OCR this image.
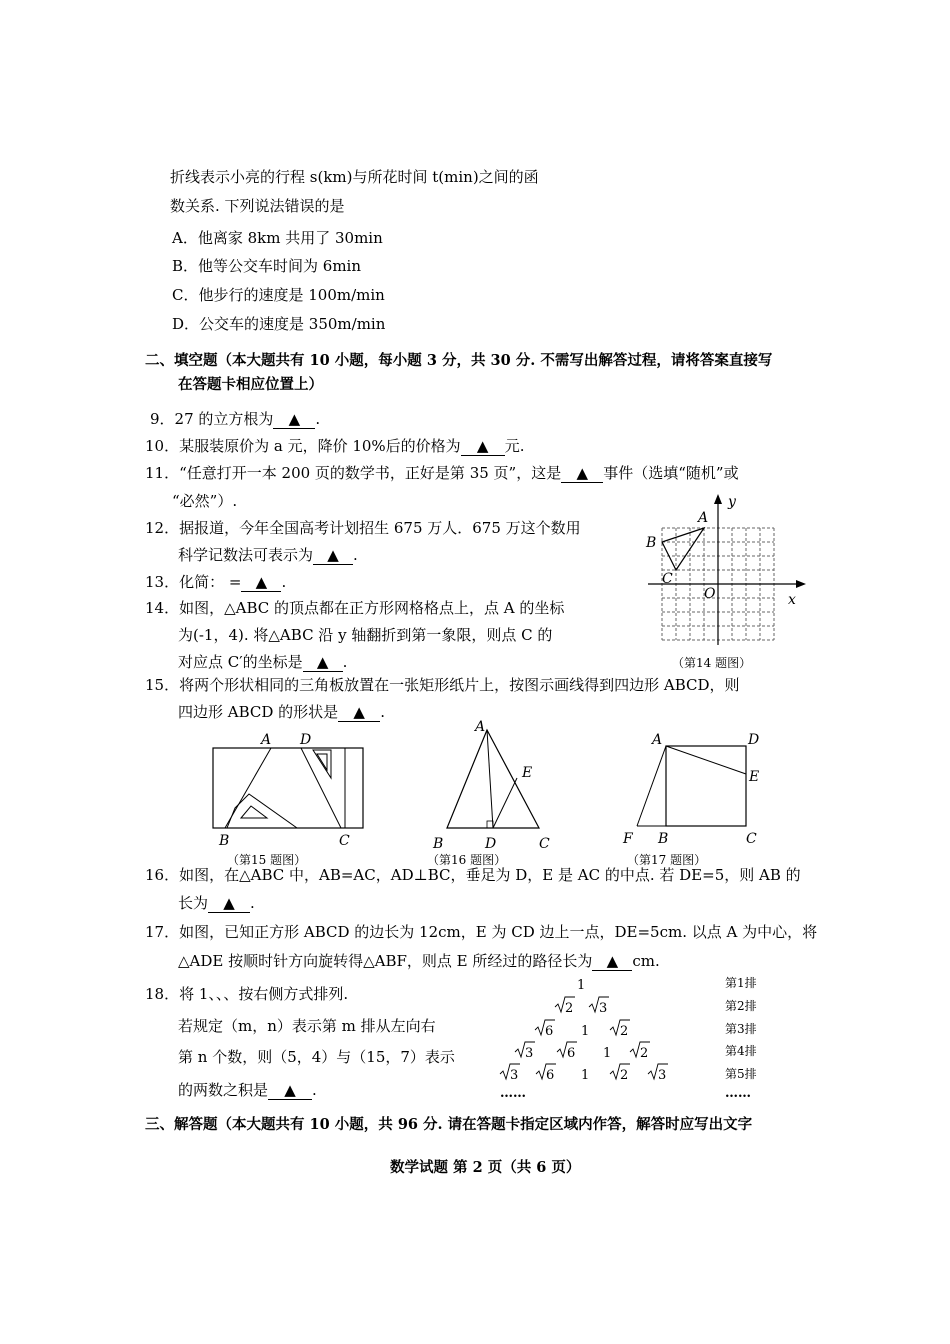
折线表示小亮的行程 s(km)与所花时间 t(min)之间的函
数关系. 下列说法错误的是
A．他离家 8km 共用了 30min
B．他等公交车时间为 6min
C．他步行的速度是 100m/min
D．公交车的速度是 350m/min
二、填空题（本大题共有 10 小题，每小题 3 分，共 30 分. 不需写出解答过程，请将答案直接写
在答题卡相应位置上）
9．27 的立方根为 ▲ .
10．某服装原价为 a 元，降价 10%后的价格为 ▲ 元.
11．“任意打开一本 200 页的数学书，正好是第 35 页”，这是 ▲ 事件（选填“随机”或
“必然”）.
12．据报道，今年全国高考计划招生 675 万人．675 万这个数用
科学记数法可表示为 ▲ .
13．化简： = ▲ .
14．如图，△ABC 的顶点都在正方形网格格点上，点 A 的坐标
为(-1，4). 将△ABC 沿 y 轴翻折到第一象限，则点 C 的
对应点 C′的坐标是 ▲ .
A
B
C
O	x
y
（第14 题图）
15．将两个形状相同的三角板放置在一张矩形纸片上，按图示画线得到四边形 ABCD，则
四边形 ABCD 的形状是 ▲ .
A D
B	C
（第15 题图）
A
E
B	D	C
（第16 题图）
A	D
E
F B	C
（第17 题图）
16．如图，在△ABC 中，AB=AC，AD⊥BC，垂足为 D，E 是 AC 的中点. 若 DE=5，则 AB 的
长为 ▲ .
17．如图，已知正方形 ABCD 的边长为 12cm，E 为 CD 边上一点，DE=5cm. 以点 A 为中心，将
△ADE 按顺时针方向旋转得△ABF，则点 E 所经过的路径长为 ▲ cm.
18．将 1、、、按右侧方式排列.
若规定（m，n）表示第 m 排从左向右
第 n 个数，则（5，4）与（15，7）表示
的两数之积是 ▲ .
1
2 3
6 1 2
3	6 1 2
3 6 1 2 3
……
第1排
第2排
第3排
第4排
第5排
……
三、解答题（本大题共有 10 小题，共 96 分. 请在答题卡指定区域内作答，解答时应写出文字
数学试题 第 2 页（共 6 页）
